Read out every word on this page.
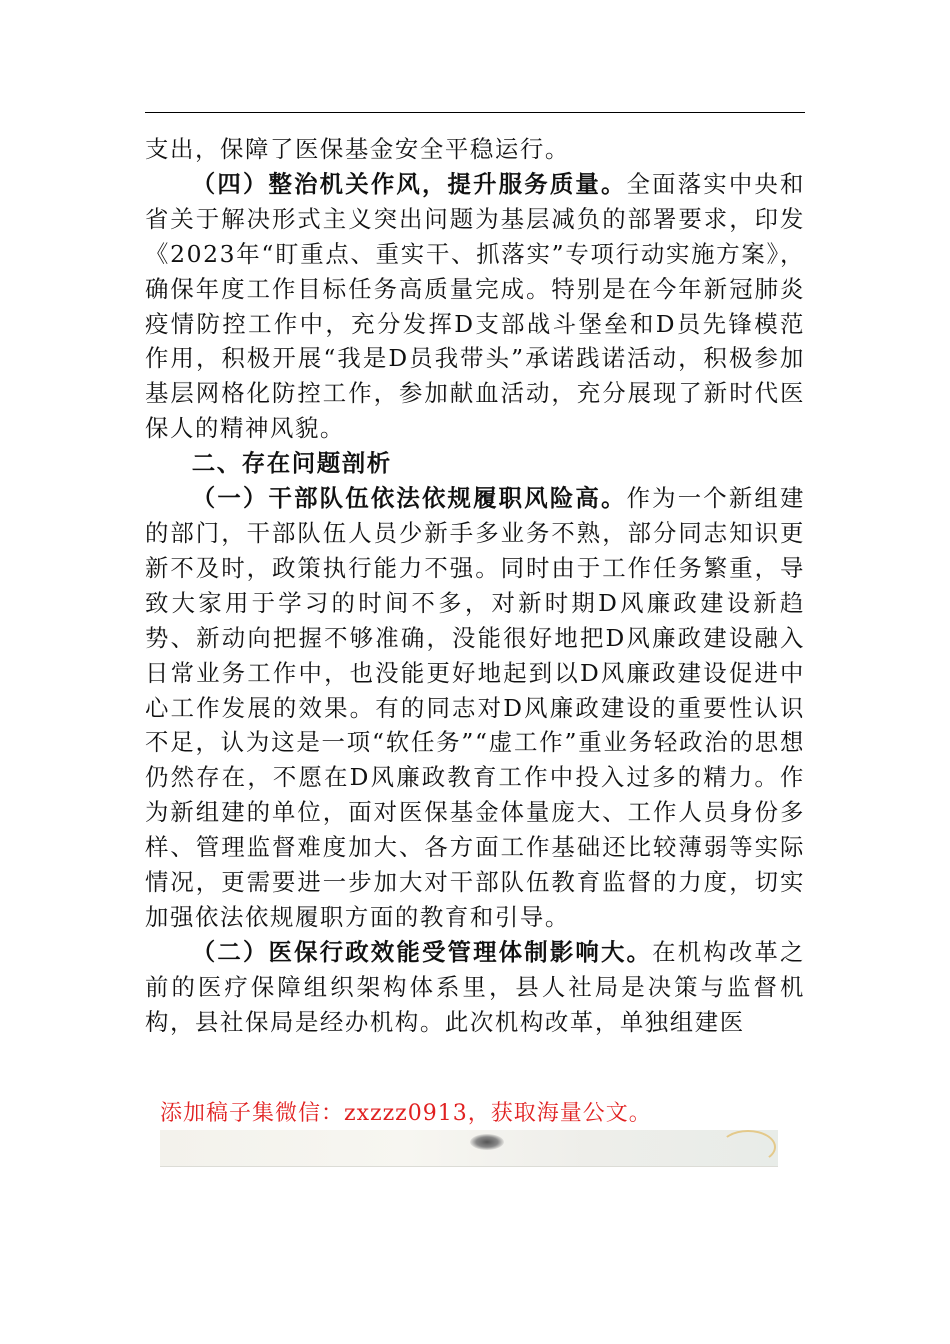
支出，保障了医保基金安全平稳运行。

（四）整治机关作风，提升服务质量。全面落实中央和省关于解决形式主义突出问题为基层减负的部署要求，印发《2023年“盯重点、重实干、抓落实”专项行动实施方案》，确保年度工作目标任务高质量完成。特别是在今年新冠肺炎疫情防控工作中，充分发挥D支部战斗堡垒和D员先锋模范作用，积极开展“我是D员我带头”承诺践诺活动，积极参加基层网格化防控工作，参加献血活动，充分展现了新时代医保人的精神风貌。

二、存在问题剖析

（一）干部队伍依法依规履职风险高。作为一个新组建的部门，干部队伍人员少新手多业务不熟，部分同志知识更新不及时，政策执行能力不强。同时由于工作任务繁重，导致大家用于学习的时间不多，对新时期D风廉政建设新趋势、新动向把握不够准确，没能很好地把D风廉政建设融入日常业务工作中，也没能更好地起到以D风廉政建设促进中心工作发展的效果。有的同志对D风廉政建设的重要性认识不足，认为这是一项“软任务”“虚工作”重业务轻政治的思想仍然存在，不愿在D风廉政教育工作中投入过多的精力。作为新组建的单位，面对医保基金体量庞大、工作人员身份多样、管理监督难度加大、各方面工作基础还比较薄弱等实际情况，更需要进一步加大对干部队伍教育监督的力度，切实加强依法依规履职方面的教育和引导。

（二）医保行政效能受管理体制影响大。在机构改革之前的医疗保障组织架构体系里，县人社局是决策与监督机构，县社保局是经办机构。此次机构改革，单独组建医

添加稿子集微信：zxzzz0913，获取海量公文。
